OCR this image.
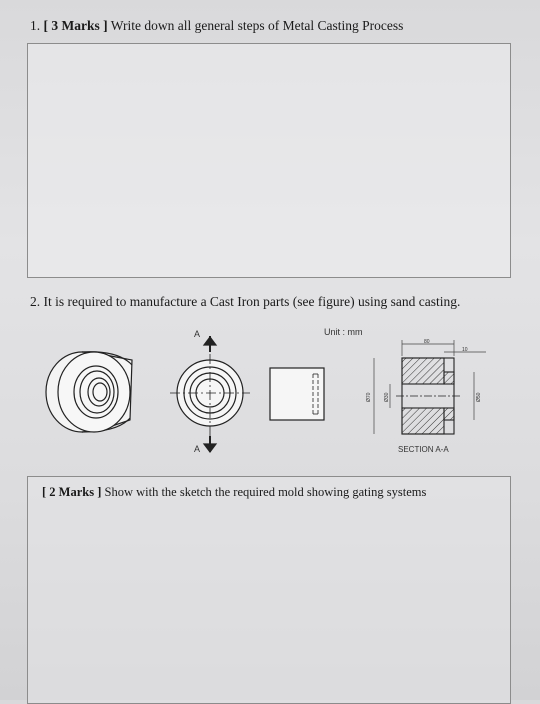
1. [ 3 Marks ] Write down all general steps of Metal Casting Process
2. It is required to manufacture a Cast Iron parts (see figure) using sand casting.
A
A
Unit : mm
80
10
Ø70 Ø30	Ø50
SECTION A-A
[ 2 Marks ] Show with the sketch the required mold showing gating systems
